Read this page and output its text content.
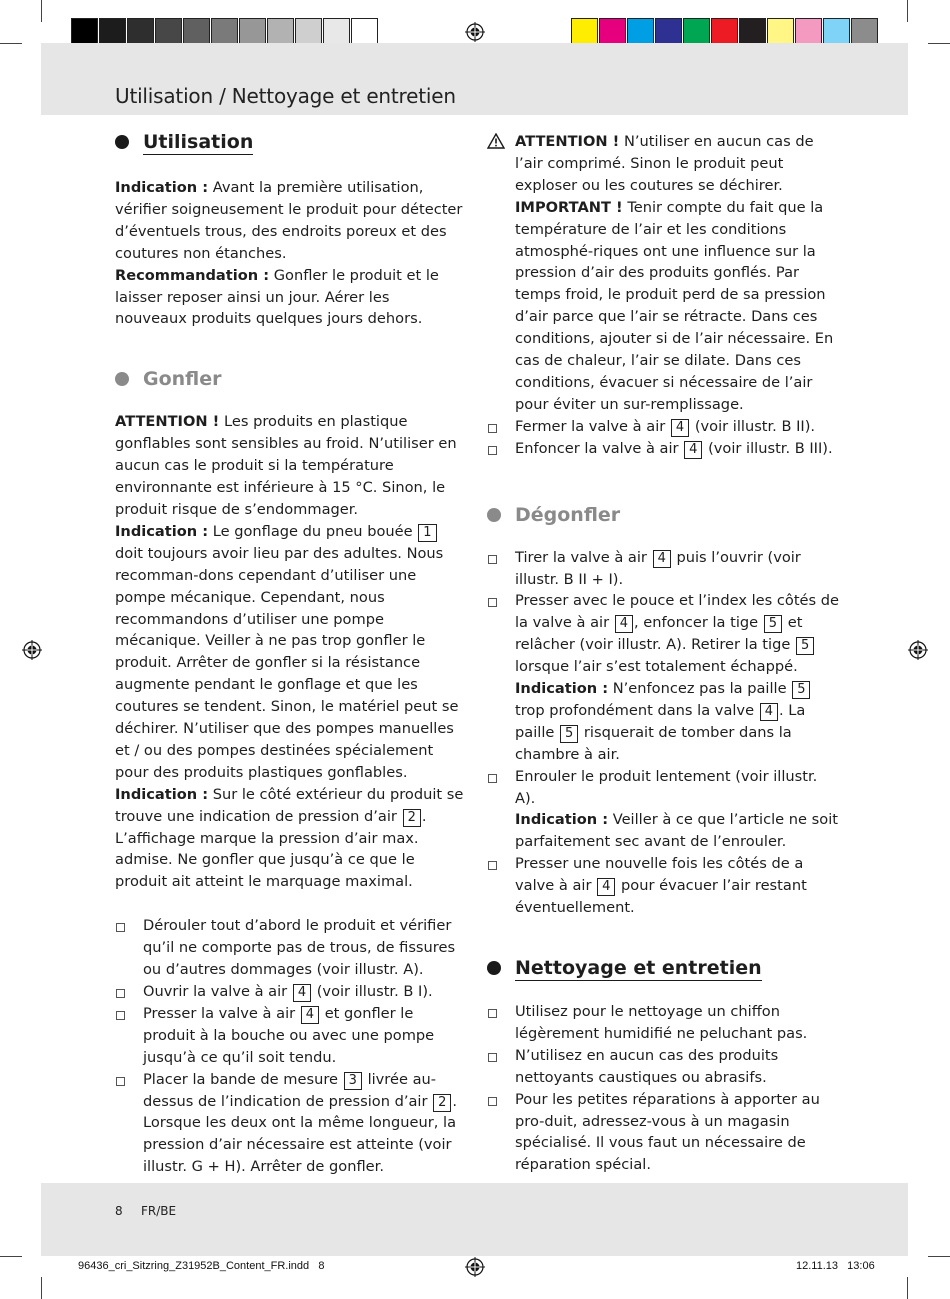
Utilisation / Nettoyage et entretien
Utilisation

Indication : Avant la première utilisation, vérifier soigneusement le produit pour détecter d’éventuels trous, des endroits poreux et des coutures non étanches.

Recommandation : Gonfler le produit et le laisser reposer ainsi un jour. Aérer les nouveaux produits quelques jours dehors.

Gonfler

ATTENTION ! Les produits en plastique gonflables sont sensibles au froid. N’utiliser en aucun cas le produit si la température environnante est inférieure à 15 °C. Sinon, le produit risque de s’endommager.

Indication : Le gonflage du pneu bouée 1 doit toujours avoir lieu par des adultes. Nous recomman-dons cependant d’utiliser une pompe mécanique. Cependant, nous recommandons d’utiliser une pompe mécanique. Veiller à ne pas trop gonfler le produit. Arrêter de gonfler si la résistance augmente pendant le gonflage et que les coutures se tendent. Sinon, le matériel peut se déchirer. N’utiliser que des pompes manuelles et / ou des pompes destinées spécialement pour des produits plastiques gonflables.

Indication : Sur le côté extérieur du produit se trouve une indication de pression d’air 2 . L’affichage marque la pression d’air max. admise. Ne gonfler que jusqu’à ce que le produit ait atteint le marquage maximal.

Dérouler tout d’abord le produit et vérifier qu’il ne comporte pas de trous, de fissures ou d’autres dommages (voir illustr. A).
Ouvrir la valve à air 4 (voir illustr. B I).
Presser la valve à air 4 et gonfler le produit à la bouche ou avec une pompe jusqu’à ce qu’il soit tendu.
Placer la bande de mesure 3 livrée au-dessus de l’indication de pression d’air 2 . Lorsque les deux ont la même longueur, la pression d’air nécessaire est atteinte (voir illustr. G + H). Arrêter de gonfler.

ATTENTION ! N’utiliser en aucun cas de l’air comprimé. Sinon le produit peut exploser ou les coutures se déchirer.

IMPORTANT ! Tenir compte du fait que la température de l’air et les conditions atmosphé-riques ont une influence sur la pression d’air des produits gonflés. Par temps froid, le produit perd de sa pression d’air parce que l’air se rétracte. Dans ces conditions, ajouter si de l’air nécessaire. En cas de chaleur, l’air se dilate. Dans ces conditions, évacuer si nécessaire de l’air pour éviter un sur-remplissage.

Fermer la valve à air 4 (voir illustr. B II).
Enfoncer la valve à air 4 (voir illustr. B III).
Dégonfler
Tirer la valve à air 4 puis l’ouvrir (voir illustr. B II + I).
Presser avec le pouce et l’index les côtés de la valve à air 4 , enfoncer la tige 5 et relâcher (voir illustr. A). Retirer la tige 5 lorsque l’air s’est totalement échappé.
Indication : N’enfoncez pas la paille 5 trop profondément dans la valve 4 . La paille 5 risquerait de tomber dans la chambre à air.
Enrouler le produit lentement (voir illustr. A).
Indication : Veiller à ce que l’article ne soit parfaitement sec avant de l’enrouler.
Presser une nouvelle fois les côtés de a valve à air 4 pour évacuer l’air restant éventuellement.
Nettoyage et entretien
Utilisez pour le nettoyage un chiffon légèrement humidifié ne peluchant pas.
N’utilisez en aucun cas des produits nettoyants caustiques ou abrasifs.
Pour les petites réparations à apporter au pro-duit, adressez-vous à un magasin spécialisé. Il vous faut un nécessaire de réparation spécial.
8 FR/BE
96436_cri_Sitzring_Z31952B_Content_FR.indd   8	12.11.13   13:06
